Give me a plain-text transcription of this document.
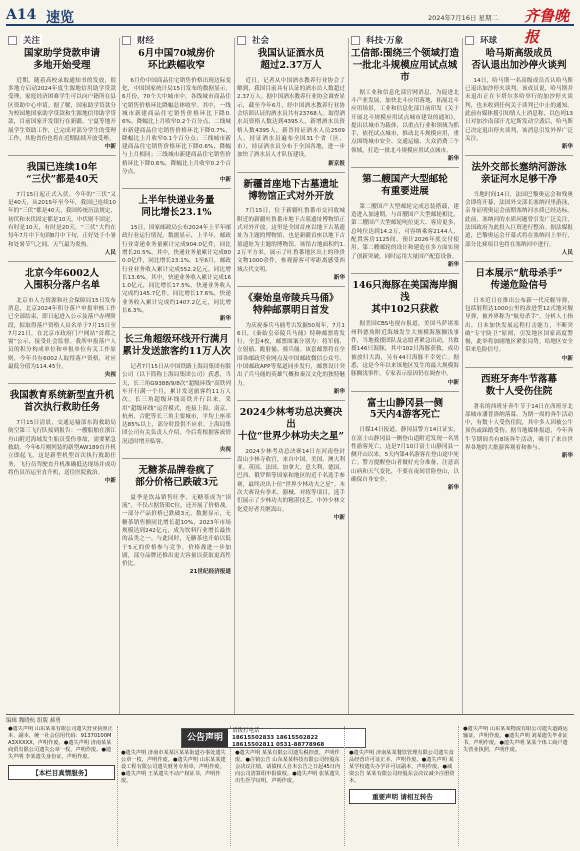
A14 速览	2024年7月16日 星期二 齐鲁晚报
关注	财经	社会	科技·万象	环球
国家助学贷款申请
多地开始受理
近期，随着高校录取通知书的发放，很多地方启动2024年度生源地信用助学贷款受理，家庭经济困难学生可以向户籍所在县区资助中心申请。据了解，国家助学贷款分为校园地国家助学贷款和生源地信用助学贷款，目前国家开发银行在新疆、宁夏等地开展学生资助工作，已完成对部分学生的受理工作，其他省份也将在近期陆续开放受理。
中新
我国已连续10年
“三伏”都是40天
7月15日起正式入伏。今年的“三伏”又是40天，从2015年至今年，我国已连续10年的“三伏”都是40天，我国传统历法规定，初伏和末伏固定都是10天，中伏则不固定，有时是10天，有时是20天。“三伏”大约在每年7月中下旬到8月中下旬，正好处于小暑和处暑节气之间，天气最为炎热。
人民
北京今年6002人
入围积分落户名单
北京市人力资源和社会保障局15日发布消息，北京2024年积分落户申报审核工作已全部结束，即日起进入公示及落户办理阶段，拟取得落户资格人员名单于7月15日至7月21日，在北京市政府门户网站“首都之窗”公示，接受社会监督。我所申报落户人员的积分构成单位和申报单位有关工作原则，今年共有6002人取得落户资格，对应最低分值为114.45分。
央视
我国教育系统新型直升机
首次执行救助任务
7月15日清晨，交通运输部东海救助局航空第三飞行队接到报告：一艘船舶在浙江舟山附近海域发生船员受伤事故，需要紧急救助。今年6月刚列装的新型AW189直升机立即起飞，这是新型机型首次执行救助任务，飞行员驾驶直升机准确抵达现场并成功将伤员吊运至直升机，送往医院救治。
中新
6月中国70城房价
环比跌幅收窄
6月份中国商品住宅销售价格出现边际变化，中国国家统计局15日发布的数据显示，6月份，70个大中城市中，各线城市商品住宅销售价格环比降幅总体收窄。其中，一线城市新建商品住宅销售价格环比下降0.6%，降幅比上月收窄0.2个百分点，二线城市新建商品住宅销售价格环比下降0.7%，降幅比上月收窄0.1个百分点；三线城市新建商品住宅销售价格环比下降0.6%，降幅与上月相同；三线城市新建商品住宅销售价格环比下降0.6%，降幅比上月收窄0.2个百分点。
中新
上半年快递业务量
同比增长23.1%
15日，国家邮政局公布2024年上半年邮政行业运行情况。数据显示，上半年，邮政行业寄递业务量累计完成904.0亿件，同比增长20.5%。其中，快递业务量累计完成800.0亿件，同比增长23.1%。1至6月，邮政行业业务收入累计完成552.2亿元，同比增长13.6%。其中，快递业务收入累计完成161.0亿元，同比增长17.5%，快递业务收入完成约145.7亿件，同比增长17.6%，快递业务收入累计完成约1407.2亿元，同比增长6.3%。
新华
长三角超级环线开行满月
累计发送旅客约11万人次
记者7月15日从中国铁路上海局集团有限公司（以下简称上海局集团公司）获悉，当天，长三角G9388/9/8次“超级环线”高铁列车开行满一个月，累计发送旅客约11万人次。长三角超级环线高铁开行以来，采用“超级环线”运营模式，连接上海、南京、杭州、合肥等长三角主要城市，平均上座率达85%以上，部分时段供不应求。上海局集团公司有关负责人介绍，今后将根据客流情况适时增开临客。
央视
无糖茶品牌卷疯了
部分价格已跌破3元
夏季是饮品销售旺季，无糖茶成为“顶流”，不仅占据货架C位，还开展了价格战。一部分产品价格已跌破3元。数据显示，无糖茶销售额同比增长超10%，2023年市场规模达到242亿元，成为饮料行业增长最快的品类之一。与此同时，无糖茶也开始以低于5元的价格参与竞争，价格战进一步加剧，部分品牌还推出更大容量以获取更高性价比。
21世纪经济报道
我国认证酒水员
超过2.37万人
近日，记者从中国酒水教养行业协会了解到，我国目前具有认证的酒水员人数超过2.37万人。据中国酒水教养行业协会调查显示，截至今年6月，经中国酒水教养行业协会培训认证的酒水员共有23768人。取得酒水员资格人数达到4395人，新增酒水员资格人数4395人，新晋持证酒水人员2509人。持证酒水员遍布全国31个省（区、市），持证酒水员分布于全国各地，进一步加快了酒水员人才队伍建设。
新京报
新疆首座地下古墓遗址
博物馆正式对外开放
7月15日，位于新疆吐鲁番市交河故城附近的新疆吐鲁番市地下古墓遗址博物馆正式对外开放。这里是全国首座以地下古墓遗址为主题的博物馆，也是新疆首座以地下古墓遗址为主题的博物馆。该馆占地面积约1.2万平方米，展示了吐鲁番地区出土的珍贵文物1000余件，参观游客可零距离感受西域古代文明。
新华
《秦始皇帝陵兵马俑》
特种邮票明日首发
为庆祝秦兵马俑考古发掘50周年，7月16日，《秦始皇帝陵兵马俑》特种邮票将发行。全套4枚，邮票图案分别为：将军俑、立射俑、跪射俑、骑兵俑。该套邮票将在全国各邮政营业网点及中国邮政微信公众号、中国邮政APP等渠道同步发行，邮票设计突出了兵马俑的英雄气概和秦汉文化的独特魅力。
新华
2024少林考功总决赛决出
十位“世界少林功夫之星”
2024少林考功总决赛14日在河南登封嵩山少林寺收官，来自中国、美国、澳大利亚、英国、法国、加拿大、意大利、德国、巴西、俄罗斯等国家和地区的近千名选手参赛，最终决出十位“世界少林功夫之星”。本次大赛设有拳术、器械、对练等项目，选手们展示了少林功夫的精湛技艺，中外少林文化爱好者共聚嵩山。
中新
工信部:围绕三个领域打造
一批北斗规模应用试点城市
据工业和信息化部官网消息，为促进北斗产业发展，加快北斗应用落地，拓展北斗应用场景，工业和信息化部日前印发《关于开展北斗规模应用试点城市建设的通知》，提出以城市为载体，以重点行业和领域为抓手，依托试点城市，推动北斗规模应用，重点围绕城市安全、交通运输、大众消费三个领域，打造一批北斗规模应用试点城市。
新华
第二艘国产大型邮轮
有重要进展
第二艘国产大型邮轮完成总装搭载，建造进入加速期。与首艘国产大型邮轮相比，第二艘国产大型邮轮吨位更大、客房更多，总吨位达到14.2万，可容纳乘客2144人，配置客房1125间，预计2026年底交付使用。第二艘邮轮的设计和建造在多方面实现了创新突破，同时运用大量国产配套设备。
新华
146只海豚在美国海岸搁浅
其中102只获救
据美国CBS电视台报道，美国马萨诸塞州科德角附近海域发生大规模海豚搁浅事件，当地救援团队及志愿者紧急出动，共救援146只海豚，其中102只海豚获救，成功被放归大海，另有44只海豚不幸死亡。据悉，这是今年以来该地区发生的最大规模海豚搁浅事件，专家表示原因仍在调查中。
中新
富士山静冈县一侧
5天内4游客死亡
日媒14日报道，静冈县警方14日证实，在富士山静冈县一侧登山道附近发现一名男性游客死亡，这是7月10日富士山静冈县一侧开山以来，5天内第4名游客在登山途中死亡。警方提醒登山者做好充分准备，注意高山病和天气变化，不要在夜间冒险登山，以确保自身安全。
新华
哈马斯高级成员
否认退出加沙停火谈判
14日，哈马斯一名高级成员否认哈马斯已退出加沙停火谈判。该成员说，哈马斯并未退出正在卡塔尔多哈举行的加沙停火谈判，也未收到任何关于谈判已中止的通知。此前有媒体援引知情人士消息称，以色列13日对加沙南部汗尤尼斯发动空袭后，哈马斯已决定退出停火谈判，该消息引发外界广泛关注。
新华
法外交部长塞纳河游泳
亲证河水足够干净
当地时间14日，法国巴黎奥运会和残奥会即将开幕，法国外交部长塞纳河里游泳，亲身证明奥运会前期塞纳河水质已经达标。此前，塞纳河的水质问题曾引发广泛关注，法国政府为此投入巨资进行整治。据法媒报道，巴黎奥运会开幕式将在塞纳河上举行，部分比赛项目也将在塞纳河中进行。
人民
日本展示“航母杀手”
传递危险信号
日本近日在推出公布新一代反舰导弹，包括射程达1000公里的改进型12式地对舰导弹，被外界称为“航母杀手”。分析人士指出，日本加快发展远程打击能力，不断突破“专守防卫”原则，引发地区国家高度警惕，此举将加剧地区紧张局势，给地区安全带来危险信号。
中新
西班牙奔牛节落幕
数十人受伤住院
著名的西班牙奔牛节于14日在西班牙北部城市潘普洛纳落幕。为期一周的奔牛活动中，有数十人受伤住院，其中多人因被公牛顶伤或踩踏受伤。据当地媒体报道，今年奔牛节期间共有8场奔牛活动，吸引了来自世界各地的大批游客观看和参与。
新华
编辑 魏晓杭 组版 郝勇
●遗失声明 山东某某有限公司遗失营业执照正本、副本，统一社会信用代码：91370100MA3XXXXX，声明作废。●遗失声明 济南某某商贸有限公司遗失公章一枚，声明作废。●遗失声明 李某遗失身份证，声明作废。
【本栏目真情服务】
●遗失声明 济南市某某区某某街道办事处遗失公章一枚，声明作废。●遗失声明 山东某某建设工程有限公司遗失财务专用章，声明作废。●遗失声明 王某遗失不动产权证书，声明作废。
公告声明
请拨打电话
18615502833 18615502822
18615502811 0531-88778968
●遗失声明 某某有限公司遗失税控盘，声明作废。●注销公告 山东某某科技有限公司经股东会决议注销，请债权人自本公告之日起45日内向公司清算组申报债权。●遗失声明 张某遗失出生医学证明，声明作废。
●遗失声明 济南某某餐饮管理有限公司遗失食品经营许可证正本，声明作废。●遗失声明 某某学校遗失办学许可证副本，声明作废。●减资公告 某某有限公司经股东会决议减少注册资本。
重要声明 请相互转告
●遗失声明 山东某某物流有限公司遗失道路运输证，声明作废。●遗失声明 刘某遗失毕业证书，声明作废。●遗失声明 某某个体工商户遗失营业执照，声明作废。
